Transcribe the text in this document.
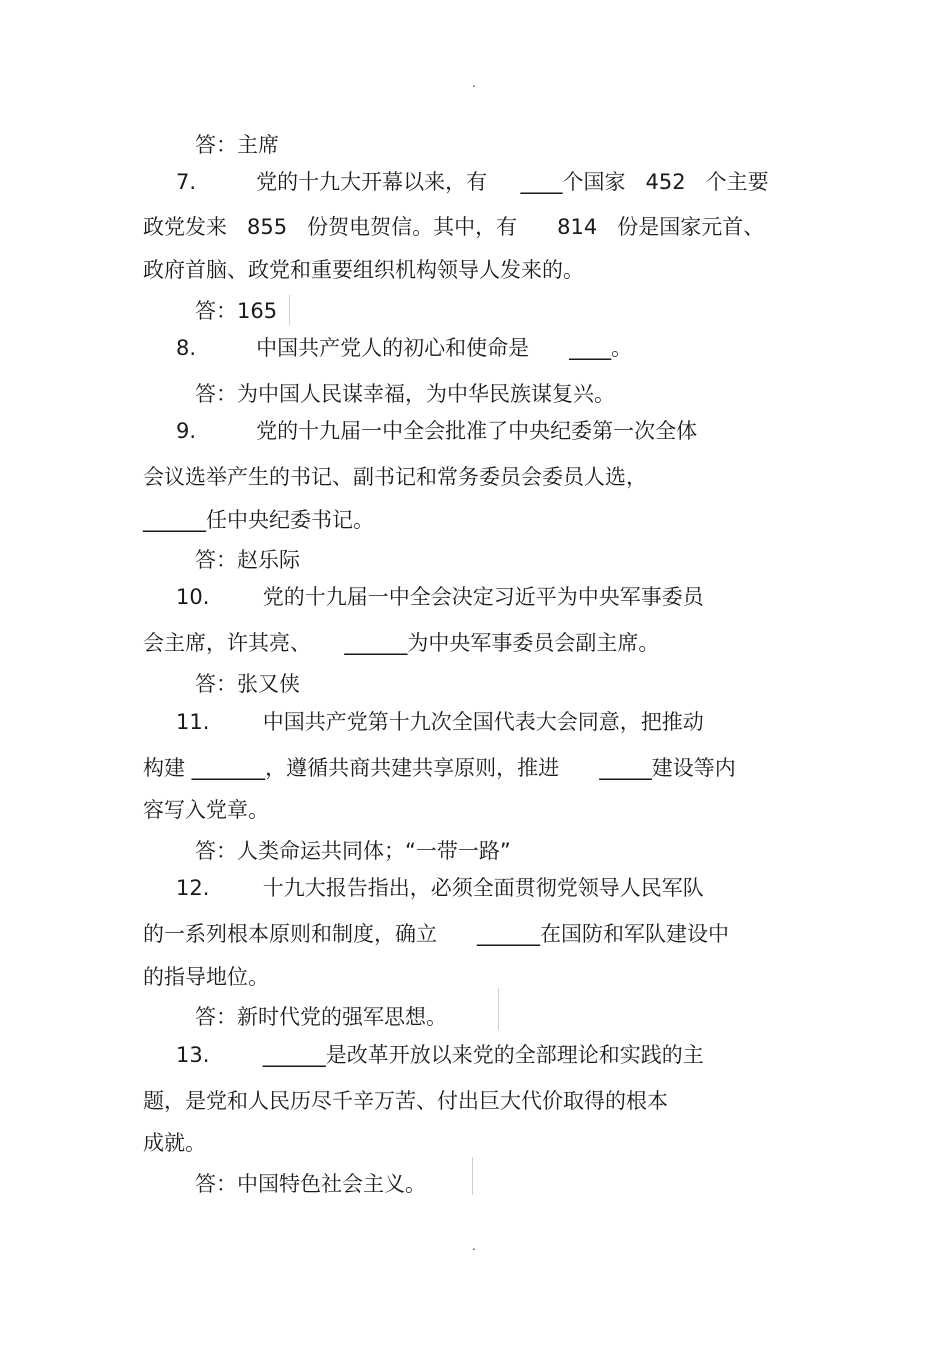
.
答：主席
7.         党的十九大开幕以来，有     ____个国家   452   个主要
政党发来   855   份贺电贺信。其中，有      814   份是国家元首、
政府首脑、政党和重要组织机构领导人发来的。
答：165
8.         中国共产党人的初心和使命是      ____。
答：为中国人民谋幸福，为中华民族谋复兴。
9.         党的十九届一中全会批准了中央纪委第一次全体
会议选举产生的书记、副书记和常务委员会委员人选，
______任中央纪委书记。
答：赵乐际
10.        党的十九届一中全会决定习近平为中央军事委员
会主席，许其亮、     ______为中央军事委员会副主席。
答：张又侠
11.        中国共产党第十九次全国代表大会同意，把推动
构建 _______，遵循共商共建共享原则，推进      _____建设等内
容写入党章。
答：人类命运共同体；“一带一路”
12.        十九大报告指出，必须全面贯彻党领导人民军队
的一系列根本原则和制度，确立      ______在国防和军队建设中
的指导地位。
答：新时代党的强军思想。
13.        ______是改革开放以来党的全部理论和实践的主
题，是党和人民历尽千辛万苦、付出巨大代价取得的根本
成就。
答：中国特色社会主义。
.
